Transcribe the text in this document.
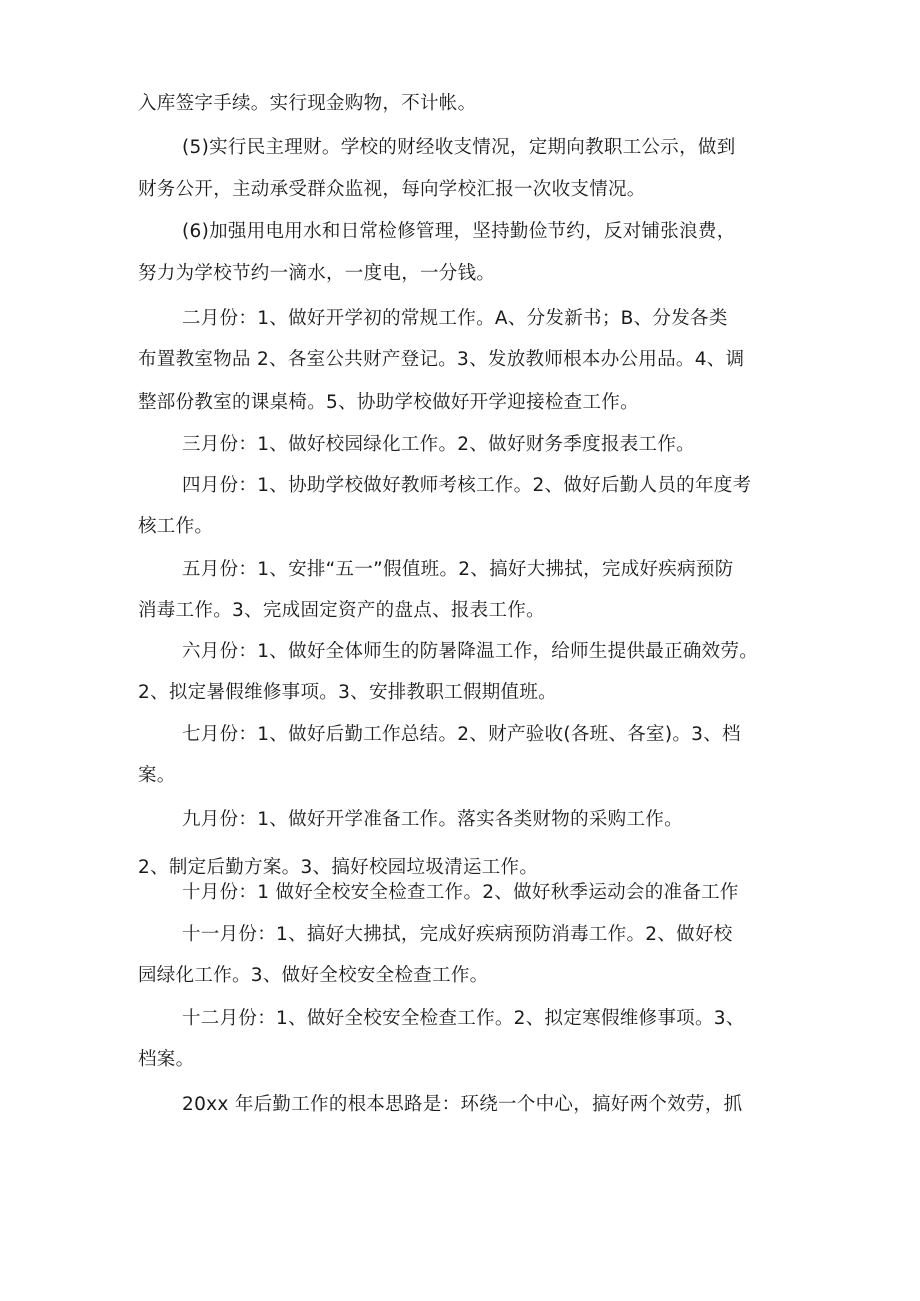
入库签字手续。实行现金购物，不计帐。

(5)实行民主理财。学校的财经收支情况，定期向教职工公示，做到

财务公开，主动承受群众监视，每向学校汇报一次收支情况。

(6)加强用电用水和日常检修管理，坚持勤俭节约，反对铺张浪费，

努力为学校节约一滴水，一度电，一分钱。

二月份：1、做好开学初的常规工作。A、分发新书；B、分发各类

布置教室物品 2、各室公共财产登记。3、发放教师根本办公用品。4、调

整部份教室的课桌椅。5、协助学校做好开学迎接检查工作。

三月份：1、做好校园绿化工作。2、做好财务季度报表工作。

四月份：1、协助学校做好教师考核工作。2、做好后勤人员的年度考

核工作。

五月份：1、安排“五一”假值班。2、搞好大拂拭，完成好疾病预防

消毒工作。3、完成固定资产的盘点、报表工作。

六月份：1、做好全体师生的防暑降温工作，给师生提供最正确效劳。

2、拟定暑假维修事项。3、安排教职工假期值班。

七月份：1、做好后勤工作总结。2、财产验收(各班、各室)。3、档

案。

九月份：1、做好开学准备工作。落实各类财物的采购工作。

2、制定后勤方案。3、搞好校园垃圾清运工作。

十月份：1 做好全校安全检查工作。2、做好秋季运动会的准备工作

十一月份：1、搞好大拂拭，完成好疾病预防消毒工作。2、做好校

园绿化工作。3、做好全校安全检查工作。

十二月份：1、做好全校安全检查工作。2、拟定寒假维修事项。3、

档案。

20xx 年后勤工作的根本思路是：环绕一个中心，搞好两个效劳，抓
